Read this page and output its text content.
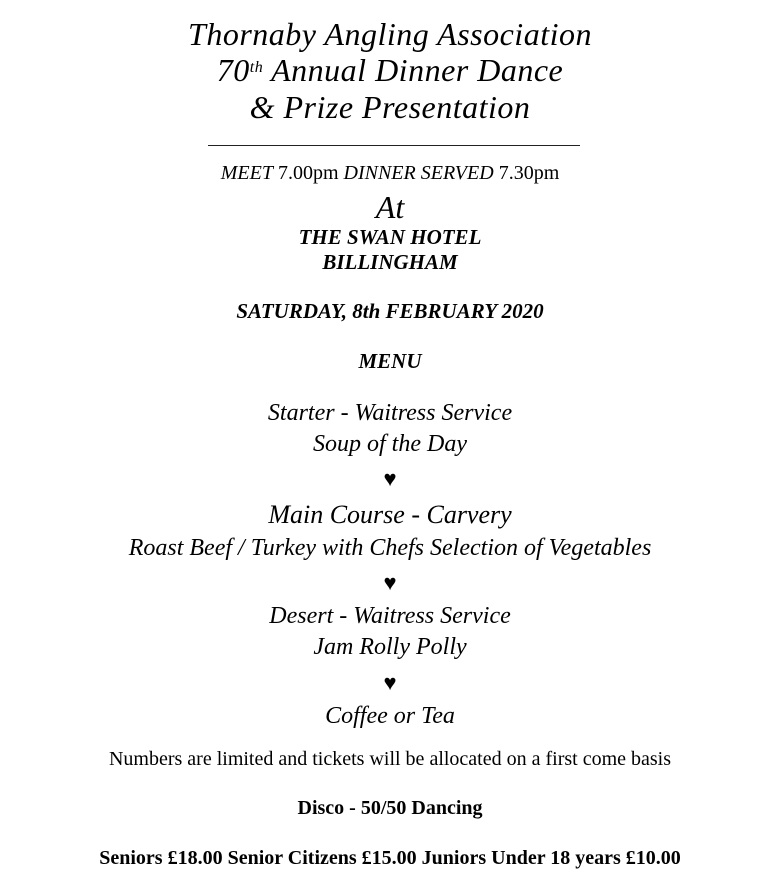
Thornaby Angling Association
70th Annual Dinner Dance
& Prize Presentation
MEET 7.00pm DINNER SERVED 7.30pm
At
THE SWAN HOTEL
BILLINGHAM
SATURDAY, 8th FEBRUARY 2020
MENU
Starter - Waitress Service
Soup of the Day
♥
Main Course - Carvery
Roast Beef / Turkey with Chefs Selection of Vegetables
♥
Desert - Waitress Service
Jam Rolly Polly
♥
Coffee or Tea
Numbers are limited and tickets will be allocated on a first come basis
Disco - 50/50 Dancing
Seniors £18.00 Senior Citizens £15.00 Juniors Under 18 years £10.00
